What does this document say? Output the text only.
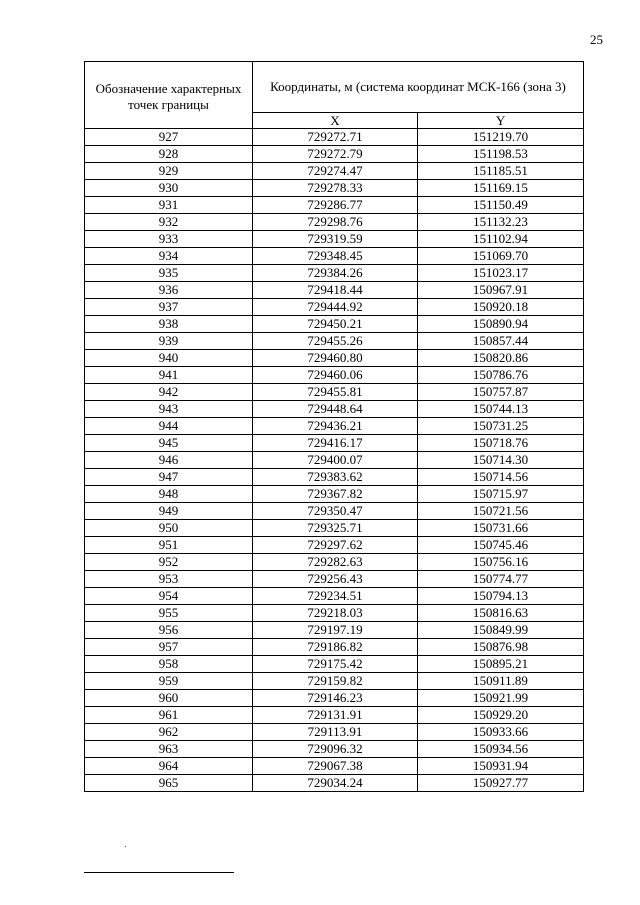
25
Обозначение характерных точек границы	Координаты, м (система координат МСК-166 (зона 3)	
	X	Y
927	729272.71	151219.70
928	729272.79	151198.53
929	729274.47	151185.51
930	729278.33	151169.15
931	729286.77	151150.49
932	729298.76	151132.23
933	729319.59	151102.94
934	729348.45	151069.70
935	729384.26	151023.17
936	729418.44	150967.91
937	729444.92	150920.18
938	729450.21	150890.94
939	729455.26	150857.44
940	729460.80	150820.86
941	729460.06	150786.76
942	729455.81	150757.87
943	729448.64	150744.13
944	729436.21	150731.25
945	729416.17	150718.76
946	729400.07	150714.30
947	729383.62	150714.56
948	729367.82	150715.97
949	729350.47	150721.56
950	729325.71	150731.66
951	729297.62	150745.46
952	729282.63	150756.16
953	729256.43	150774.77
954	729234.51	150794.13
955	729218.03	150816.63
956	729197.19	150849.99
957	729186.82	150876.98
958	729175.42	150895.21
959	729159.82	150911.89
960	729146.23	150921.99
961	729131.91	150929.20
962	729113.91	150933.66
963	729096.32	150934.56
964	729067.38	150931.94
965	729034.24	150927.77
